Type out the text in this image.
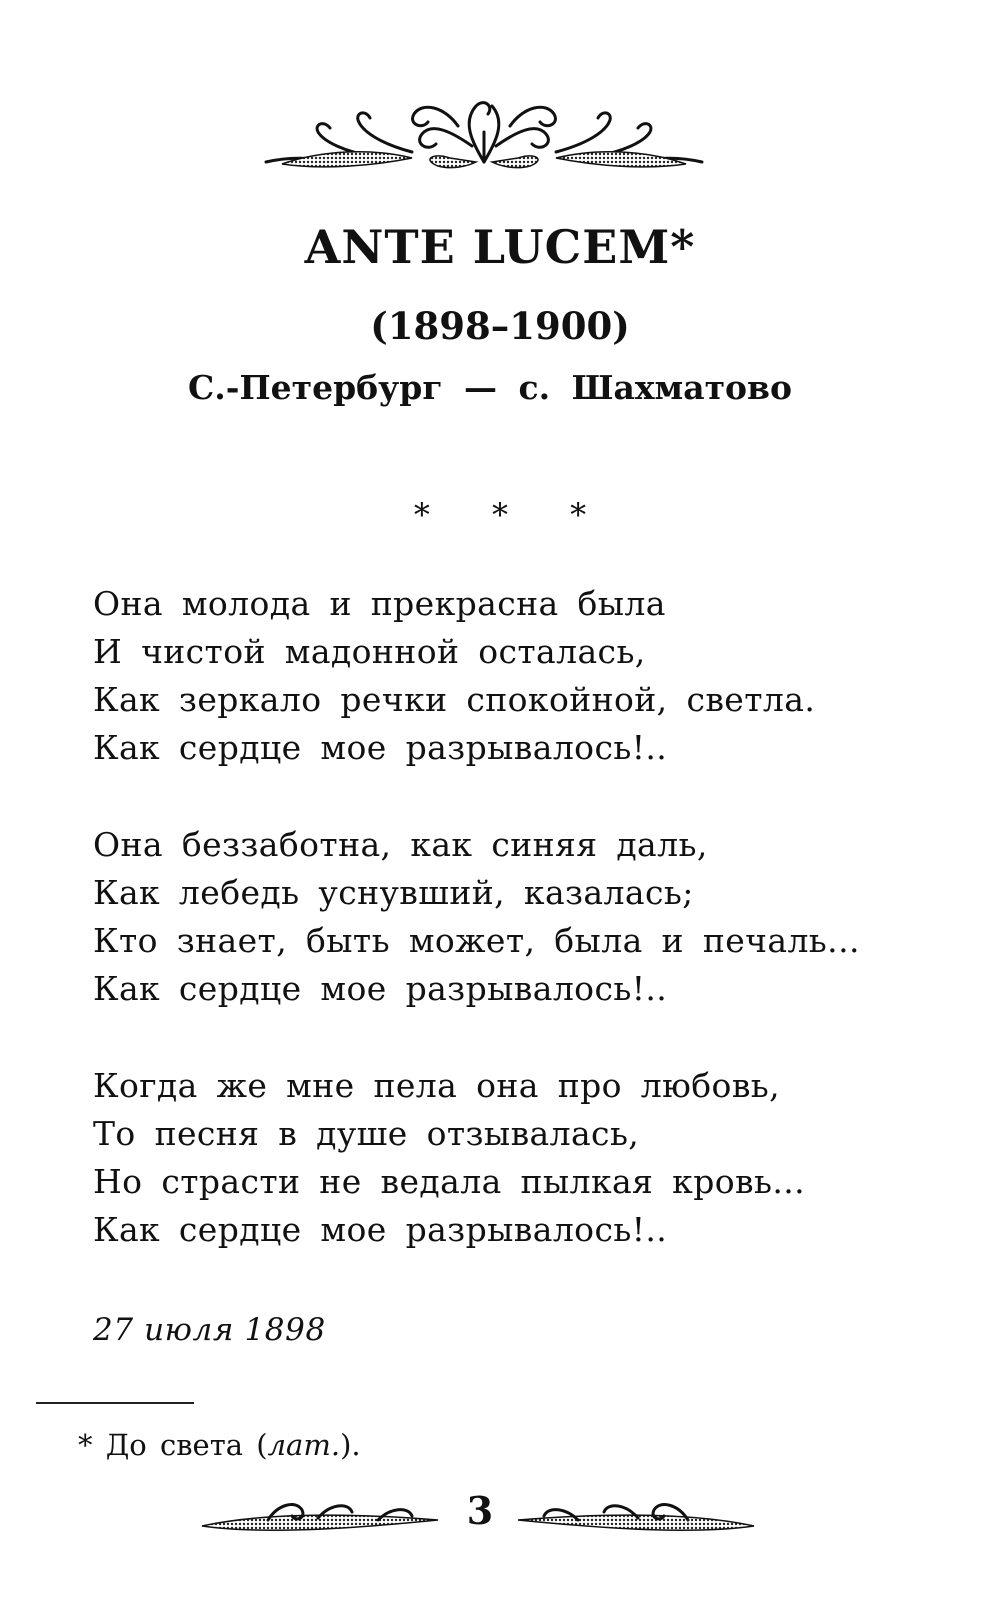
ANTE LUCEM*
(1898–1900)
С.-Петербург — с. Шахматово
* * *
Она молода и прекрасна была
И чистой мадонной осталась,
Как зеркало речки спокойной, светла.
Как сердце мое разрывалось!..
Она беззаботна, как синяя даль,
Как лебедь уснувший, казалась;
Кто знает, быть может, была и печаль...
Как сердце мое разрывалось!..
Когда же мне пела она про любовь,
То песня в душе отзывалась,
Но страсти не ведала пылкая кровь...
Как сердце мое разрывалось!..
27 июля 1898
* До света (лат.).
3
